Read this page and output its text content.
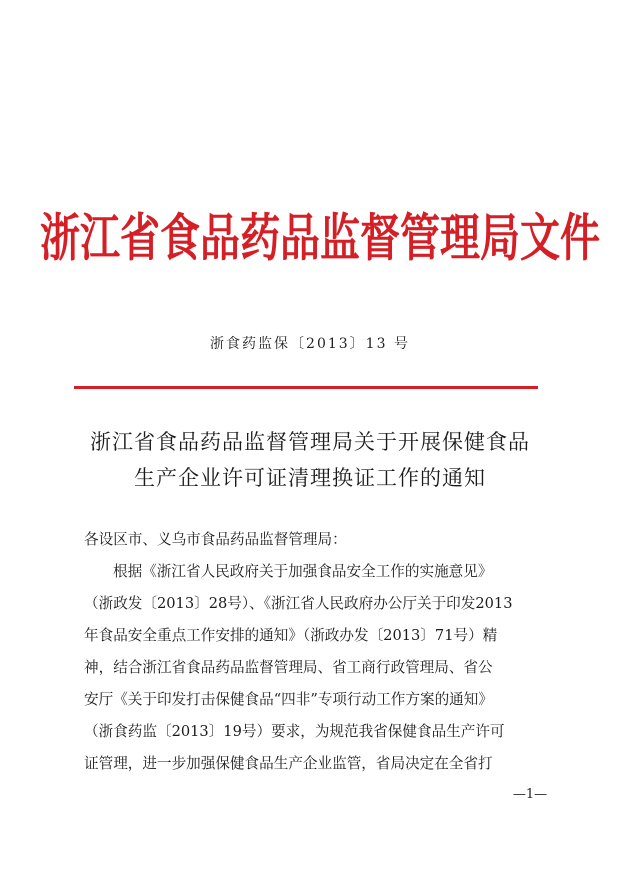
浙江省食品药品监督管理局文件
浙食药监保〔2013〕13 号
浙江省食品药品监督管理局关于开展保健食品
生产企业许可证清理换证工作的通知
各设区市、义乌市食品药品监督管理局：
根据《浙江省人民政府关于加强食品安全工作的实施意见》
（浙政发〔2013〕28号）、《浙江省人民政府办公厅关于印发2013
年食品安全重点工作安排的通知》（浙政办发〔2013〕71号）精
神，结合浙江省食品药品监督管理局、省工商行政管理局、省公
安厅《关于印发打击保健食品“四非”专项行动工作方案的通知》
（浙食药监〔2013〕19号）要求，为规范我省保健食品生产许可
证管理，进一步加强保健食品生产企业监管，省局决定在全省打
—1—
